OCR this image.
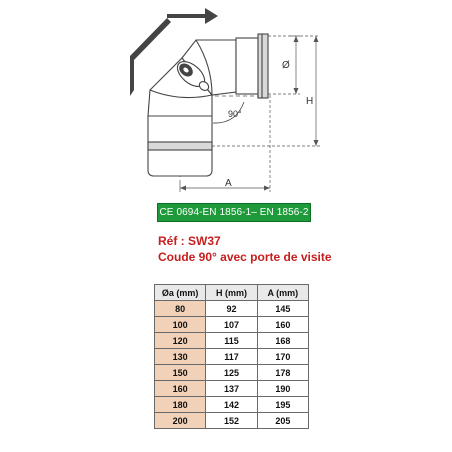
Ø
H
A
90°
CE 0694-EN 1856-1– EN 1856-2
Réf : SW37
Coude 90° avec porte de visite
Øa (mm)	H (mm)	A (mm)
80	92	145
100	107	160
120	115	168
130	117	170
150	125	178
160	137	190
180	142	195
200	152	205
